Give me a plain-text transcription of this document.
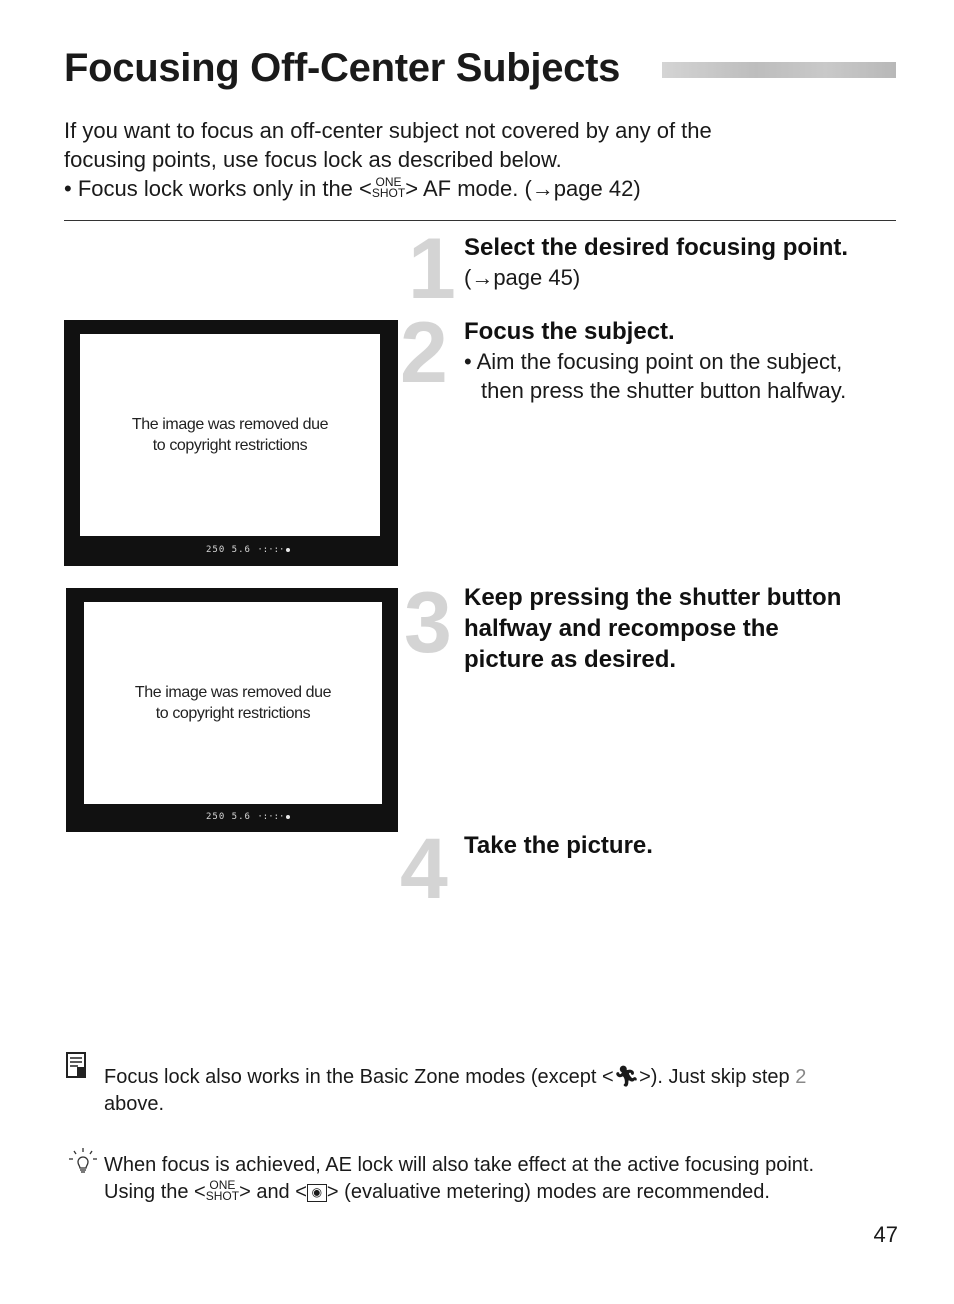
Focusing Off-Center Subjects

If you want to focus an off-center subject not covered by any of the

focusing points, use focus lock as described below.

• Focus lock works only in the < ONE
SHOT > AF mode. (→page 42)

1 Select the desired focusing point.

(→page 45)
2 Focus the subject.

• Aim the focusing point on the subject,
then press the shutter button halfway.
The image was removed due
to copyright restrictions
250 5.6 ·:·:·
3 Keep pressing the shutter button

halfway and recompose the

picture as desired.

The image was removed due
to copyright restrictions
250 5.6 ·:·:·
4 Take the picture.

Focus lock also works in the Basic Zone modes (except <🏃︎>). Just skip step 2
above.
When focus is achieved, AE lock will also take effect at the active focusing point.
Using the < ONE
SHOT > and < ◉ > (evaluative metering) modes are recommended.
47
